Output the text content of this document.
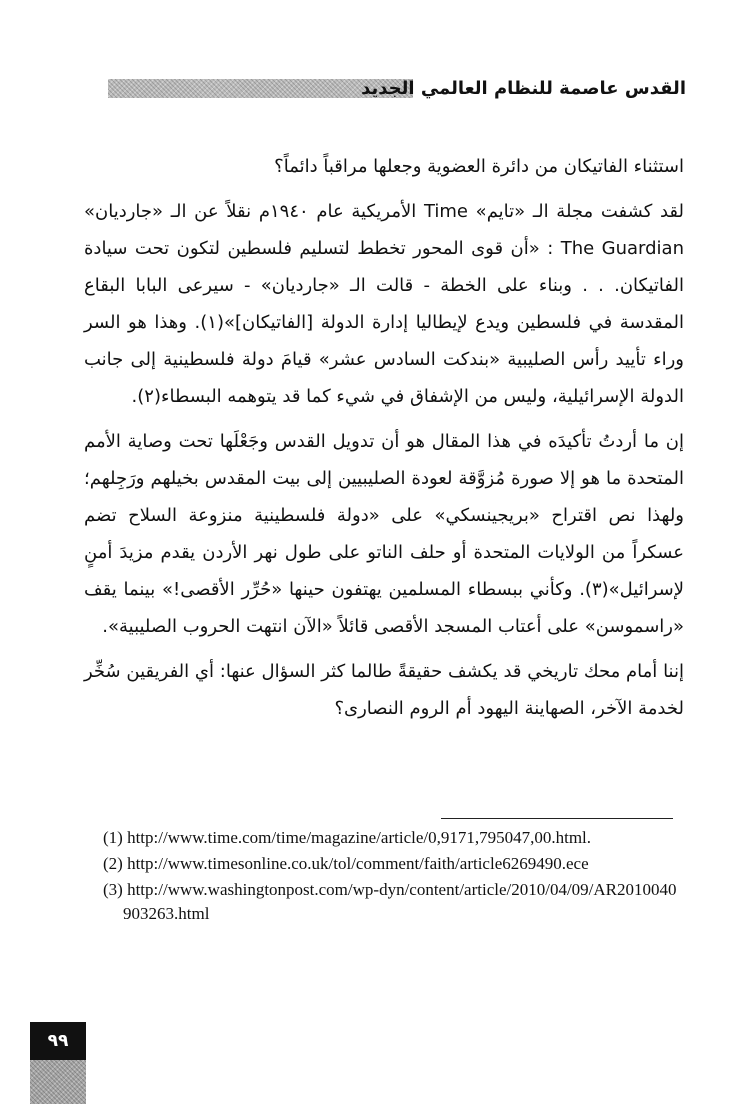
القدس عاصمة للنظام العالمي الجديد

استثناء الفاتيكان من دائرة العضوية وجعلها مراقباً دائماً؟

لقد كشفت مجلة الـ «تايم» Time الأمريكية عام ١٩٤٠م نقلاً عن الـ «جارديان» The Guardian : «أن قوى المحور تخطط لتسليم فلسطين لتكون تحت سيادة الفاتيكان. . . وبناء على الخطة - قالت الـ «جارديان» - سيرعى البابا البقاع المقدسة في فلسطين ويدع لإيطاليا إدارة الدولة [الفاتيكان]»(١). وهذا هو السر وراء تأييد رأس الصليبية «بندكت السادس عشر» قيامَ دولة فلسطينية إلى جانب الدولة الإسرائيلية، وليس من الإشفاق في شيء كما قد يتوهمه البسطاء(٢).

إن ما أردتُ تأكيدَه في هذا المقال هو أن تدويل القدس وجَعْلَها تحت وصاية الأمم المتحدة ما هو إلا صورة مُزوَّقة لعودة الصليبيين إلى بيت المقدس بخيلهم ورَجِلهم؛ ولهذا نص اقتراح «بريجينسكي» على «دولة فلسطينية منزوعة السلاح تضم عسكراً من الولايات المتحدة أو حلف الناتو على طول نهر الأردن يقدم مزيدَ أمنٍ لإسرائيل»(٣). وكأني ببسطاء المسلمين يهتفون حينها «حُرِّر الأقصى!» بينما يقف «راسموسن» على أعتاب المسجد الأقصى قائلاً «الآن انتهت الحروب الصليبية».

إننا أمام محك تاريخي قد يكشف حقيقةً طالما كثر السؤال عنها: أي الفريقين سُخِّر لخدمة الآخر، الصهاينة اليهود أم الروم النصارى؟

(1) http://www.time.com/time/magazine/article/0,9171,795047,00.html.

(2) http://www.timesonline.co.uk/tol/comment/faith/article6269490.ece

(3) http://www.washingtonpost.com/wp-dyn/content/article/2010/04/09/AR2010040903263.html

٩٩
